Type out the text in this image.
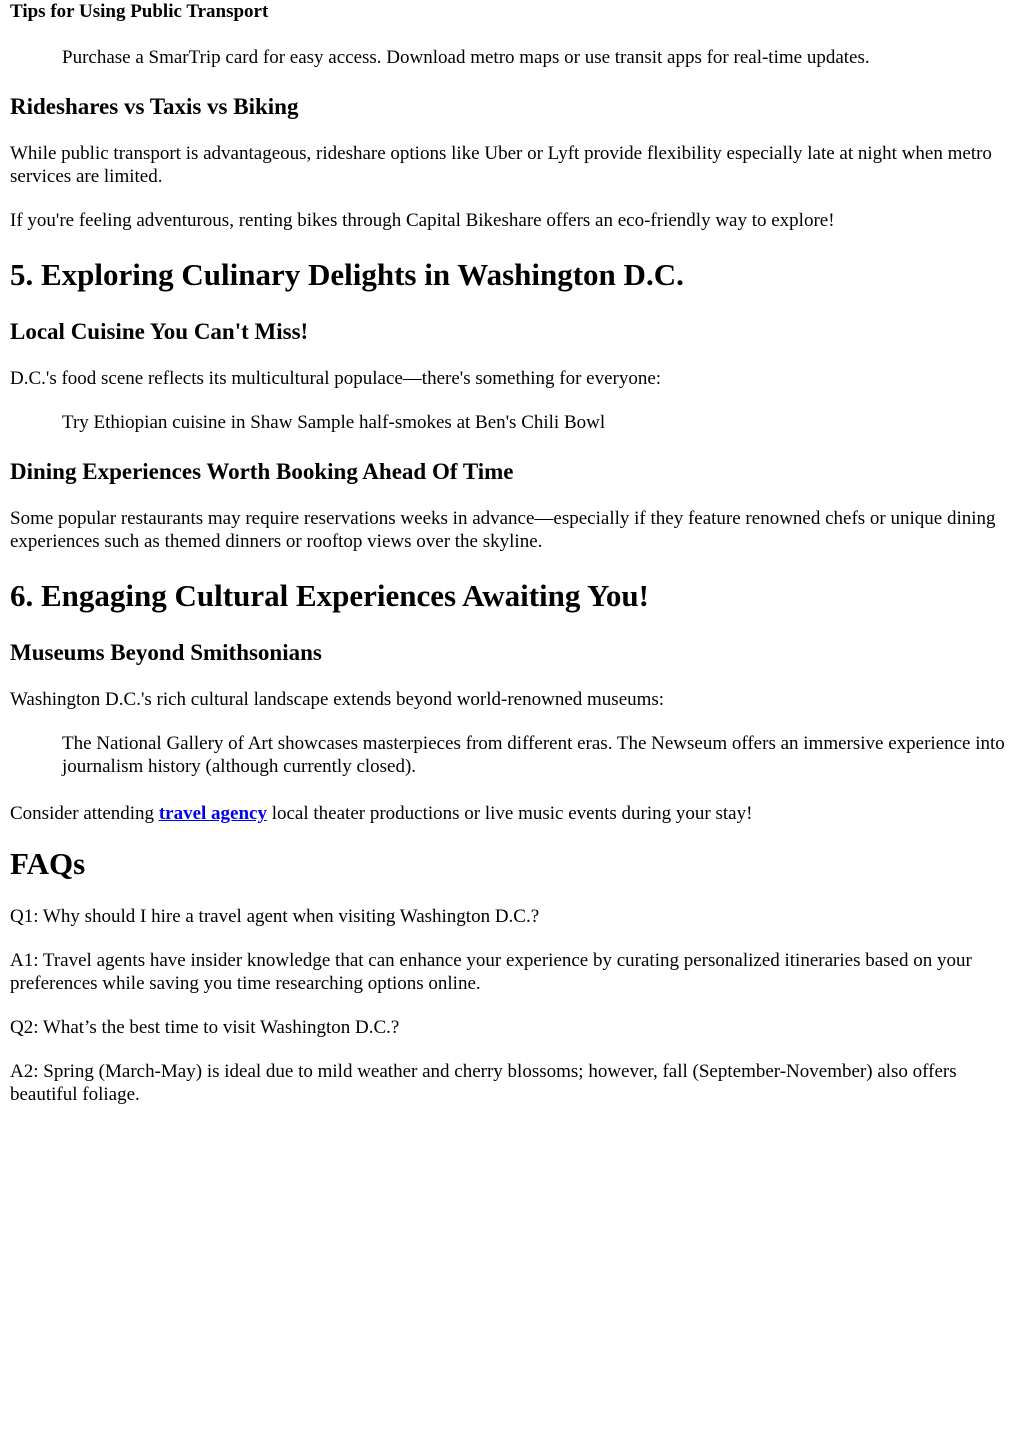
Tips for Using Public Transport
Purchase a SmarTrip card for easy access. Download metro maps or use transit apps for real-time updates.
Rideshares vs Taxis vs Biking

While public transport is advantageous, rideshare options like Uber or Lyft provide flexibility especially late at night when metro services are limited.

If you're feeling adventurous, renting bikes through Capital Bikeshare offers an eco-friendly way to explore!

5. Exploring Culinary Delights in Washington D.C.
Local Cuisine You Can't Miss!

D.C.'s food scene reflects its multicultural populace—there's something for everyone:

Try Ethiopian cuisine in Shaw Sample half-smokes at Ben's Chili Bowl
Dining Experiences Worth Booking Ahead Of Time

Some popular restaurants may require reservations weeks in advance—especially if they feature renowned chefs or unique dining experiences such as themed dinners or rooftop views over the skyline.

6. Engaging Cultural Experiences Awaiting You!
Museums Beyond Smithsonians

Washington D.C.'s rich cultural landscape extends beyond world-renowned museums:

The National Gallery of Art showcases masterpieces from different eras. The Newseum offers an immersive experience into journalism history (although currently closed).

Consider attending travel agency local theater productions or live music events during your stay!

FAQs

Q1: Why should I hire a travel agent when visiting Washington D.C.?

A1: Travel agents have insider knowledge that can enhance your experience by curating personalized itineraries based on your preferences while saving you time researching options online.

Q2: What’s the best time to visit Washington D.C.?

A2: Spring (March-May) is ideal due to mild weather and cherry blossoms; however, fall (September-November) also offers beautiful foliage.
